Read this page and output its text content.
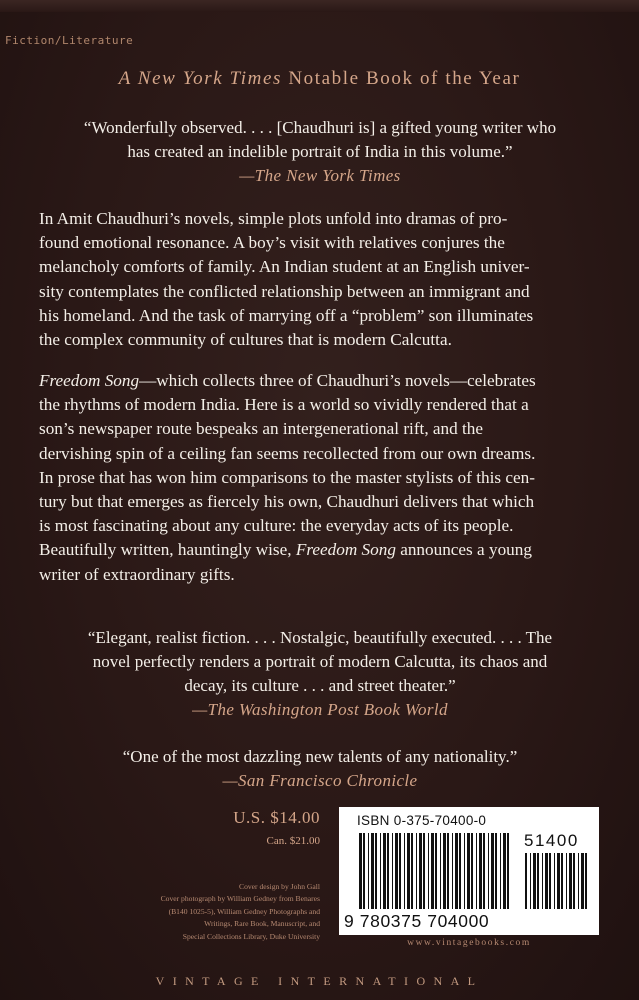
Fiction/Literature
A New York Times Notable Book of the Year
“Wonderfully observed. . . . [Chaudhuri is] a gifted young writer who
has created an indelible portrait of India in this volume.”
—The New York Times
In Amit Chaudhuri’s novels, simple plots unfold into dramas of pro-
found emotional resonance. A boy’s visit with relatives conjures the
melancholy comforts of family. An Indian student at an English univer-
sity contemplates the conflicted relationship between an immigrant and
his homeland. And the task of marrying off a “problem” son illuminates
the complex community of cultures that is modern Calcutta.
Freedom Song—which collects three of Chaudhuri’s novels—celebrates
the rhythms of modern India. Here is a world so vividly rendered that a
son’s newspaper route bespeaks an intergenerational rift, and the
dervishing spin of a ceiling fan seems recollected from our own dreams.
In prose that has won him comparisons to the master stylists of this cen-
tury but that emerges as fiercely his own, Chaudhuri delivers that which
is most fascinating about any culture: the everyday acts of its people.
Beautifully written, hauntingly wise, Freedom Song announces a young
writer of extraordinary gifts.
“Elegant, realist fiction. . . . Nostalgic, beautifully executed. . . . The
novel perfectly renders a portrait of modern Calcutta, its chaos and
decay, its culture . . . and street theater.”
—The Washington Post Book World
“One of the most dazzling new talents of any nationality.”
—San Francisco Chronicle
U.S. $14.00
Can. $21.00
Cover design by John Gall
Cover photograph by William Gedney from Benares
(B140 1025-5), William Gedney Photographs and
Writings, Rare Book, Manuscript, and
Special Collections Library, Duke University
ISBN 0-375-70400-0
51400
9 780375 704000
www.vintagebooks.com
VINTAGE INTERNATIONAL
